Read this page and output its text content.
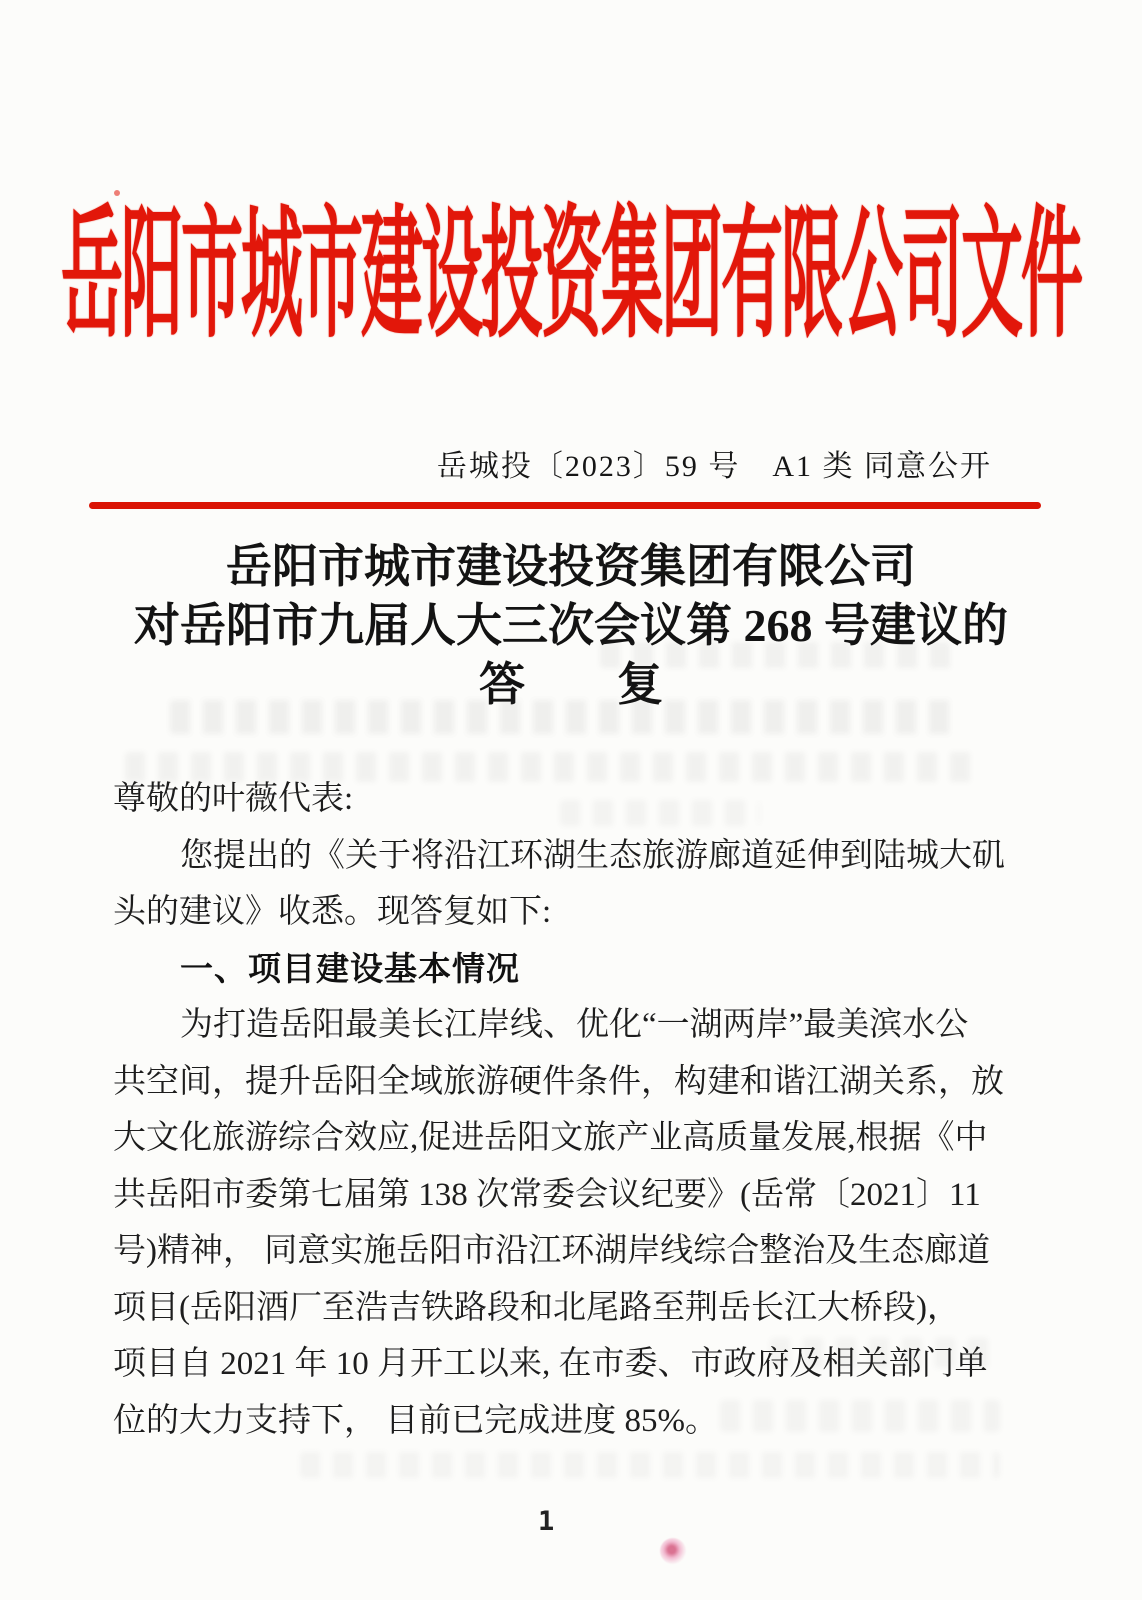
岳阳市城市建设投资集团有限公司文件
岳城投〔2023〕59 号　A1 类 同意公开
岳阳市城市建设投资集团有限公司
对岳阳市九届人大三次会议第 268 号建议的
答　　复
尊敬的叶薇代表:
您提出的《关于将沿江环湖生态旅游廊道延伸到陆城大矶
头的建议》收悉。现答复如下:
一、项目建设基本情况
为打造岳阳最美长江岸线、优化“一湖两岸”最美滨水公
共空间，提升岳阳全域旅游硬件条件，构建和谐江湖关系，放
大文化旅游综合效应,促进岳阳文旅产业高质量发展,根据《中
共岳阳市委第七届第 138 次常委会议纪要》(岳常〔2021〕11
号)精神， 同意实施岳阳市沿江环湖岸线综合整治及生态廊道
项目(岳阳酒厂至浩吉铁路段和北尾路至荆岳长江大桥段)，
项目自 2021 年 10 月开工以来, 在市委、市政府及相关部门单
位的大力支持下， 目前已完成进度 85%。
1
